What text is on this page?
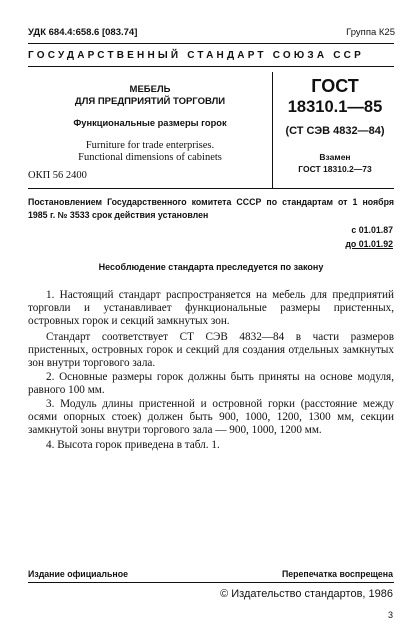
УДК 684.4:658.6 [083.74]	Группа К25
ГОСУДАРСТВЕННЫЙ СТАНДАРТ СОЮЗА ССР
МЕБЕЛЬ
ДЛЯ ПРЕДПРИЯТИЙ ТОРГОВЛИ
Функциональные размеры горок
Furniture for trade enterprises.
Functional dimensions of cabinets
ОКП 56 2400
ГОСТ
18310.1—85
(СТ СЭВ 4832—84)
Взамен
ГОСТ 18310.2—73
Постановлением Государственного комитета СССР по стандартам от 1 ноября 1985 г. № 3533 срок действия установлен
с 01.01.87
до 01.01.92
Несоблюдение стандарта преследуется по закону
1. Настоящий стандарт распространяется на мебель для предприятий торговли и устанавливает функциональные размеры пристенных, островных горок и секций замкнутых зон.
Стандарт соответствует СТ СЭВ 4832—84 в части размеров пристенных, островных горок и секций для создания отдельных замкнутых зон внутри торгового зала.
2. Основные размеры горок должны быть приняты на основе модуля, равного 100 мм.
3. Модуль длины пристенной и островной горки (расстояние между осями опорных стоек) должен быть 900, 1000, 1200, 1300 мм, секции замкнутой зоны внутри торгового зала — 900, 1000, 1200 мм.
4. Высота горок приведена в табл. 1.
Издание официальное	Перепечатка воспрещена
© Издательство стандартов, 1986
3
